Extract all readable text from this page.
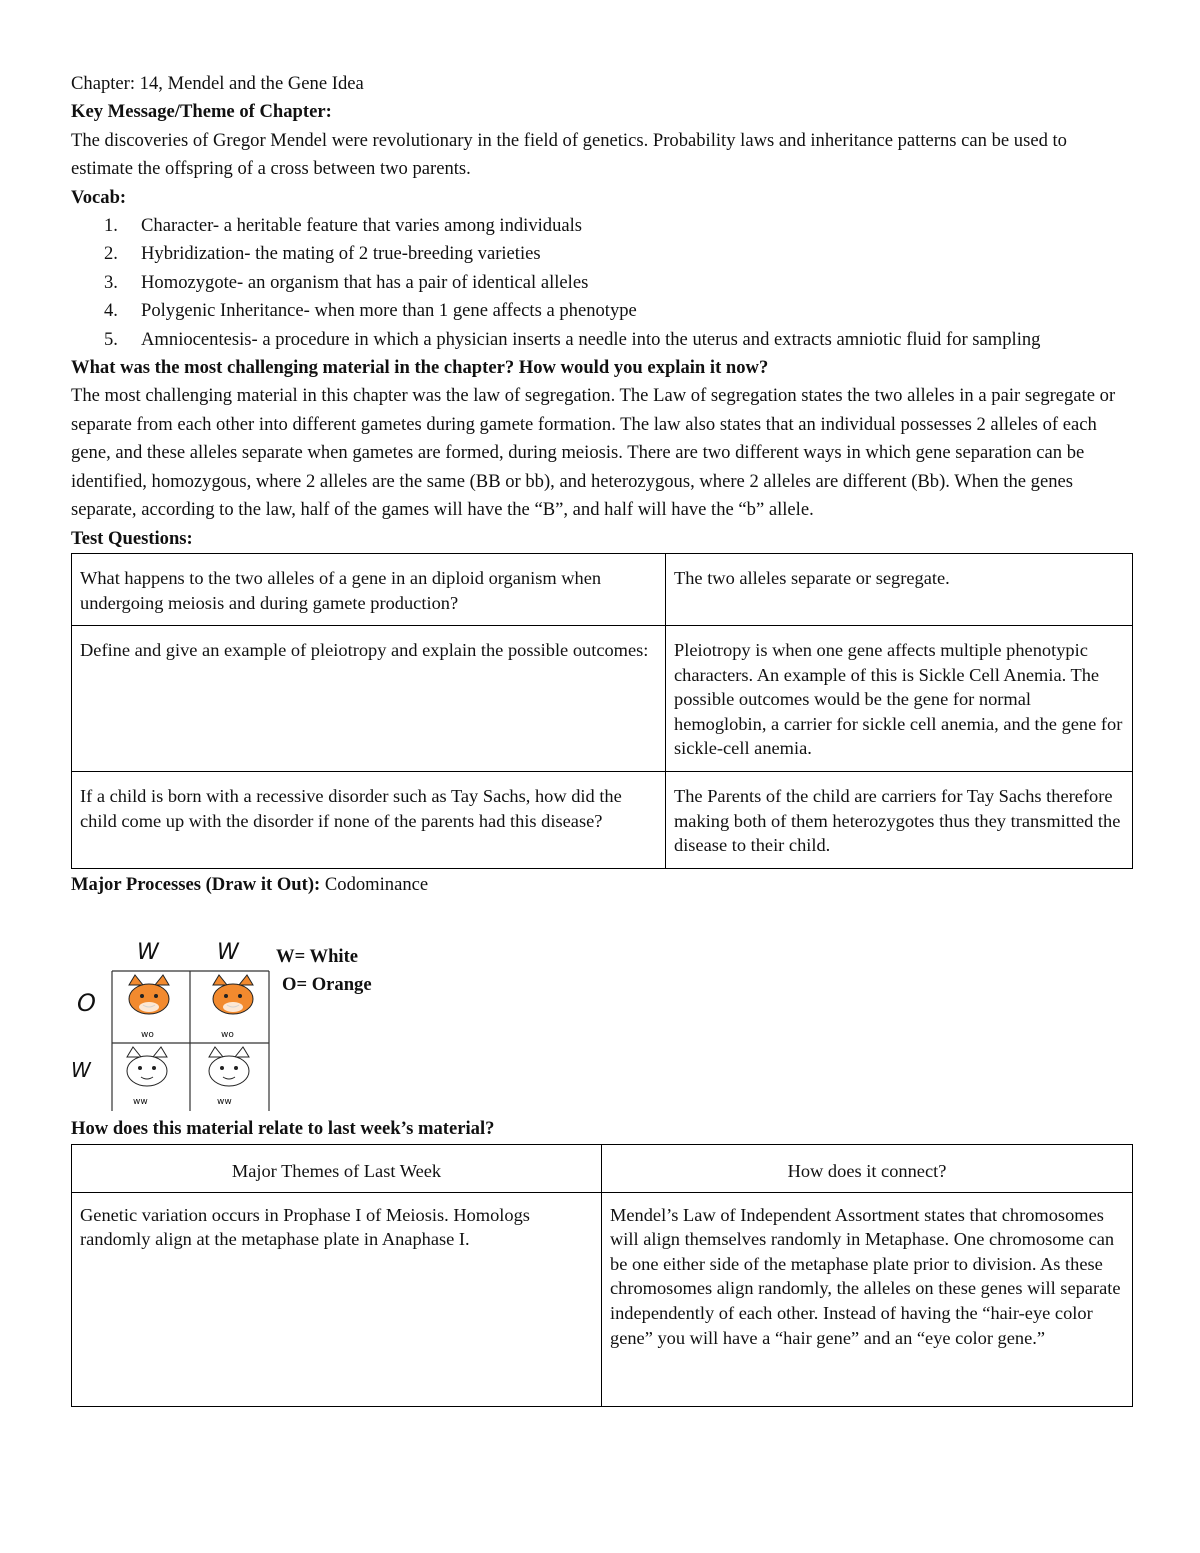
Chapter: 14, Mendel and the Gene Idea
Key Message/Theme of Chapter:
The discoveries of Gregor Mendel were revolutionary in the field of genetics. Probability laws and inheritance patterns can be used to estimate the offspring of a cross between two parents.
Vocab:
1. Character- a heritable feature that varies among individuals
2. Hybridization- the mating of 2 true-breeding varieties
3. Homozygote- an organism that has a pair of identical alleles
4. Polygenic Inheritance- when more than 1 gene affects a phenotype
5. Amniocentesis- a procedure in which a physician inserts a needle into the uterus and extracts amniotic fluid for sampling
What was the most challenging material in the chapter? How would you explain it now?
The most challenging material in this chapter was the law of segregation. The Law of segregation states the two alleles in a pair segregate or separate from each other into different gametes during gamete formation. The law also states that an individual possesses 2 alleles of each gene, and these alleles separate when gametes are formed, during meiosis. There are two different ways in which gene separation can be identified, homozygous, where 2 alleles are the same (BB or bb), and heterozygous, where 2 alleles are different (Bb). When the genes separate, according to the law, half of the games will have the “B”, and half will have the “b” allele.
Test Questions:
What happens to the two alleles of a gene in an diploid organism when undergoing meiosis and during gamete production?	The two alleles separate or segregate.
Define and give an example of pleiotropy and explain the possible outcomes:	Pleiotropy is when one gene affects multiple phenotypic characters. An example of this is Sickle Cell Anemia. The possible outcomes would be the gene for normal hemoglobin, a carrier for sickle cell anemia, and the gene for sickle-cell anemia.
If a child is born with a recessive disorder such as Tay Sachs, how did the child come up with the disorder if none of the parents had this disease?	The Parents of the child are carriers for Tay Sachs therefore making both of them heterozygotes thus they transmitted the disease to their child.
Major Processes (Draw it Out): Codominance
W	W
O
W
wo	wo
ww	ww
W= White
O= Orange
How does this material relate to last week’s material?
Major Themes of Last Week	How does it connect?
Genetic variation occurs in Prophase I of Meiosis. Homologs randomly align at the metaphase plate in Anaphase I.	Mendel’s Law of Independent Assortment states that chromosomes will align themselves randomly in Metaphase. One chromosome can be one either side of the metaphase plate prior to division. As these chromosomes align randomly, the alleles on these genes will separate independently of each other. Instead of having the “hair-eye color gene” you will have a “hair gene” and an “eye color gene.”
